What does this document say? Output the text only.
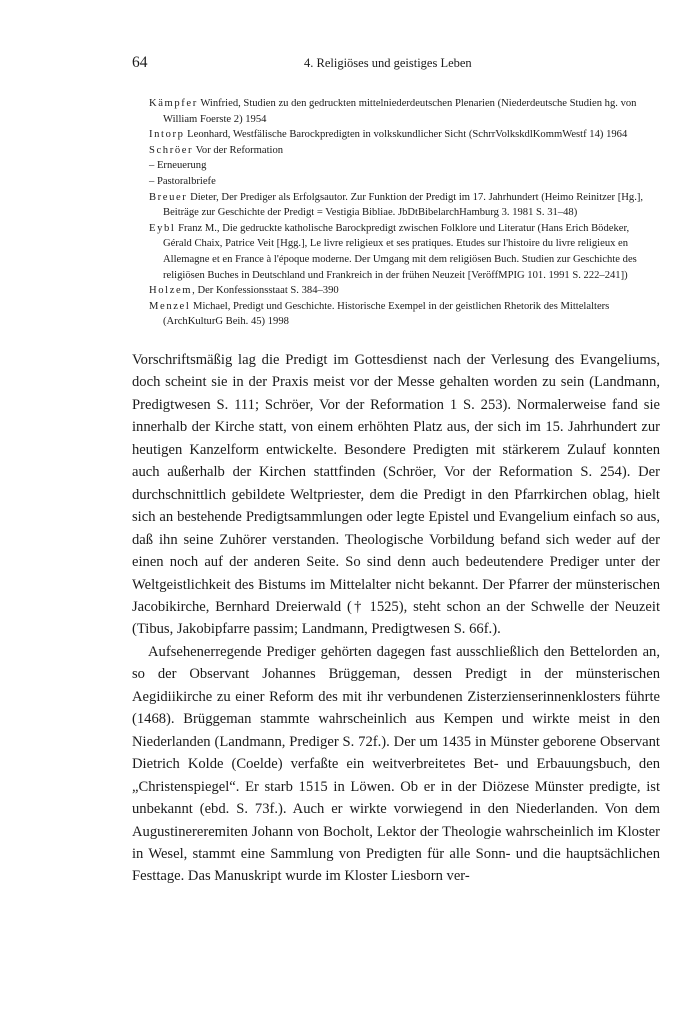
64	4. Religiöses und geistiges Leben
Kämpfer Winfried, Studien zu den gedruckten mittelniederdeutschen Plenarien (Niederdeutsche Studien hg. von William Foerste 2) 1954
Intorp Leonhard, Westfälische Barockpredigten in volkskundlicher Sicht (SchrrVolkskdlKommWestf 14) 1964
Schröer Vor der Reformation
– Erneuerung
– Pastoralbriefe
Breuer Dieter, Der Prediger als Erfolgsautor. Zur Funktion der Predigt im 17. Jahrhundert (Heimo Reinitzer [Hg.], Beiträge zur Geschichte der Predigt = Vestigia Bibliae. JbDtBibelarchHamburg 3. 1981 S. 31–48)
Eybl Franz M., Die gedruckte katholische Barockpredigt zwischen Folklore und Literatur (Hans Erich Bödeker, Gérald Chaix, Patrice Veit [Hgg.], Le livre religieux et ses pratiques. Etudes sur l'histoire du livre religieux en Allemagne et en France à l'époque moderne. Der Umgang mit dem religiösen Buch. Studien zur Geschichte des religiösen Buches in Deutschland und Frankreich in der frühen Neuzeit [VeröffMPIG 101. 1991 S. 222–241])
Holzem, Der Konfessionsstaat S. 384–390
Menzel Michael, Predigt und Geschichte. Historische Exempel in der geistlichen Rhetorik des Mittelalters (ArchKulturG Beih. 45) 1998

Vorschriftsmäßig lag die Predigt im Gottesdienst nach der Verlesung des Evangeliums, doch scheint sie in der Praxis meist vor der Messe gehalten worden zu sein (Landmann, Predigtwesen S. 111; Schröer, Vor der Reformation 1 S. 253). Normalerweise fand sie innerhalb der Kirche statt, von einem erhöhten Platz aus, der sich im 15. Jahrhundert zur heutigen Kanzelform entwickelte. Besondere Predigten mit stärkerem Zulauf konnten auch außerhalb der Kirchen stattfinden (Schröer, Vor der Reformation S. 254). Der durchschnittlich gebildete Weltpriester, dem die Predigt in den Pfarrkirchen oblag, hielt sich an bestehende Predigtsammlungen oder legte Epistel und Evangelium einfach so aus, daß ihn seine Zuhörer verstanden. Theologische Vorbildung befand sich weder auf der einen noch auf der anderen Seite. So sind denn auch bedeutendere Prediger unter der Weltgeistlichkeit des Bistums im Mittelalter nicht bekannt. Der Pfarrer der münsterischen Jacobikirche, Bernhard Dreierwald († 1525), steht schon an der Schwelle der Neuzeit (Tibus, Jakobipfarre passim; Landmann, Predigtwesen S. 66f.).

Aufsehenerregende Prediger gehörten dagegen fast ausschließlich den Bettelorden an, so der Observant Johannes Brüggeman, dessen Predigt in der münsterischen Aegidiikirche zu einer Reform des mit ihr verbundenen Zisterzienserinnenklosters führte (1468). Brüggeman stammte wahrscheinlich aus Kempen und wirkte meist in den Niederlanden (Landmann, Prediger S. 72f.). Der um 1435 in Münster geborene Observant Dietrich Kolde (Coelde) verfaßte ein weitverbreitetes Bet- und Erbauungsbuch, den „Christenspiegel“. Er starb 1515 in Löwen. Ob er in der Diözese Münster predigte, ist unbekannt (ebd. S. 73f.). Auch er wirkte vorwiegend in den Niederlanden. Von dem Augustinereremiten Johann von Bocholt, Lektor der Theologie wahrscheinlich im Kloster in Wesel, stammt eine Sammlung von Predigten für alle Sonn- und die hauptsächlichen Festtage. Das Manuskript wurde im Kloster Liesborn ver-
